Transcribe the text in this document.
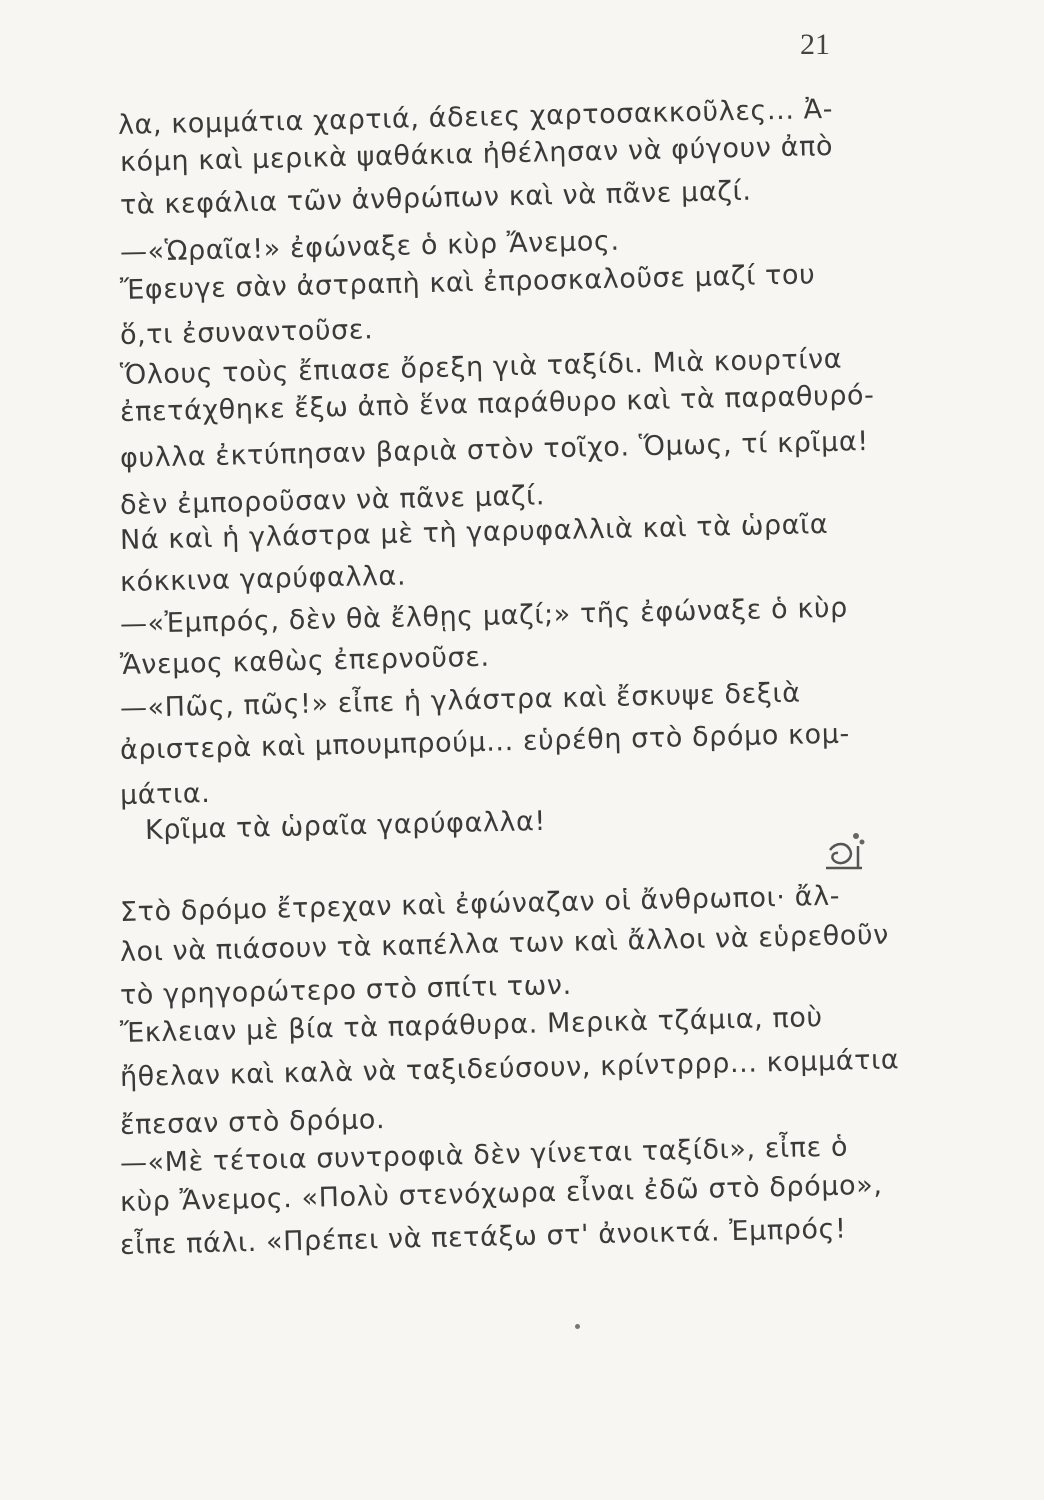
21
λα, κομμάτια χαρτιά, άδειες χαρτοσακκοῦλες... Ἀ-
κόμη καὶ μερικὰ ψαθάκια ἠθέλησαν νὰ φύγουν ἀπὸ
τὰ κεφάλια τῶν ἀνθρώπων καὶ νὰ πᾶνε μαζί.
—«Ὡραῖα!» ἐφώναξε ὁ κὺρ Ἄνεμος.
Ἔφευγε σὰν ἀστραπὴ καὶ ἐπροσκαλοῦσε μαζί του
ὅ,τι ἐσυναντοῦσε.
Ὅλους τοὺς ἔπιασε ὄρεξη γιὰ ταξίδι. Μιὰ κουρτίνα
ἐπετάχθηκε ἔξω ἀπὸ ἕνα παράθυρο καὶ τὰ παραθυρό-
φυλλα ἐκτύπησαν βαριὰ στὸν τοῖχο. Ὅμως, τί κρῖμα!
δὲν ἐμποροῦσαν νὰ πᾶνε μαζί.
Νά καὶ ἡ γλάστρα μὲ τὴ γαρυφαλλιὰ καὶ τὰ ὡραῖα
κόκκινα γαρύφαλλα.
—«Ἐμπρός, δὲν θὰ ἔλθῃς μαζί;» τῆς ἐφώναξε ὁ κὺρ
Ἄνεμος καθὼς ἐπερνοῦσε.
—«Πῶς, πῶς!» εἶπε ἡ γλάστρα καὶ ἔσκυψε δεξιὰ
ἀριστερὰ καὶ μπουμπρούμ... εὑρέθη στὸ δρόμο κομ-
μάτια.
Κρῖμα τὰ ὡραῖα γαρύφαλλα!
Στὸ δρόμο ἔτρεχαν καὶ ἐφώναζαν οἱ ἄνθρωποι· ἄλ-
λοι νὰ πιάσουν τὰ καπέλλα των καὶ ἄλλοι νὰ εὑρεθοῦν
τὸ γρηγορώτερο στὸ σπίτι των.
Ἔκλειαν μὲ βία τὰ παράθυρα. Μερικὰ τζάμια, ποὺ
ἤθελαν καὶ καλὰ νὰ ταξιδεύσουν, κρίντρρρ... κομμάτια
ἔπεσαν στὸ δρόμο.
—«Μὲ τέτοια συντροφιὰ δὲν γίνεται ταξίδι», εἶπε ὁ
κὺρ Ἄνεμος. «Πολὺ στενόχωρα εἶναι ἐδῶ στὸ δρόμο»,
εἶπε πάλι. «Πρέπει νὰ πετάξω στ' ἀνοικτά. Ἐμπρός!
